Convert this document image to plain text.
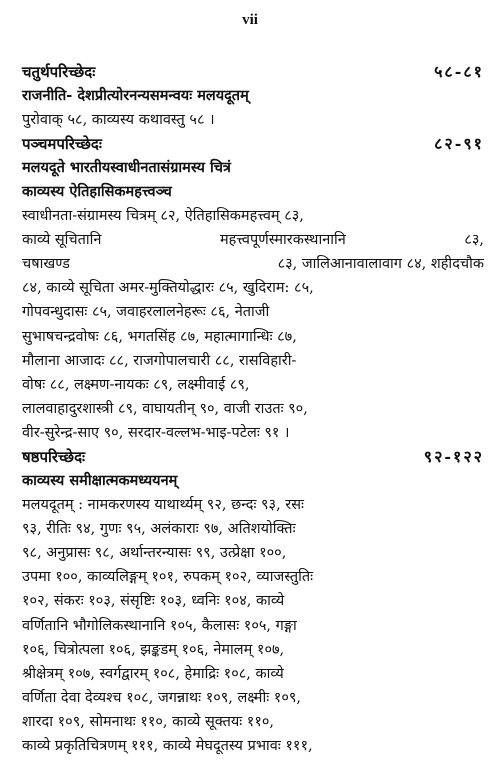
vii
चतुर्थपरिच्छेदः	५८-८१
राजनीति- देशप्रीत्योरनन्यसमन्वयः मलयदूतम्
पुरोवाक् ५८, काव्यस्य कथावस्तु ५८ ।
पञ्चमपरिच्छेदः	८२-९१
मलयदूते भारतीयस्वाधीनतासंग्रामस्य चित्रं
काव्यस्य ऐतिहासिकमहत्त्वञ्च
स्वाधीनता-संग्रामस्य चित्रम् ८२, ऐतिहासिकमहत्त्वम् ८३,
काव्ये सूचितानि	महत्त्वपूर्णस्मारकस्थानानि	८३,
चषाखण्ड	८३, जालिआनावालावाग ८४, शहीदचौक
८४, काव्ये सूचिता अमर-मुक्तियोद्धारः ८५, खुदिराम: ८५,
गोपवन्धुदासः ८५, जवाहरलालनेहरूः ८६, नेताजी
सुभाषचन्द्रवोषः ८६, भगतसिंह ८७, महात्मागान्धिः ८७,
मौलाना आजादः ८८, राजगोपालचारी ८८, रासविहारी-
वोषः ८८, लक्ष्मण-नायकः ८९, लक्ष्मीवाई ८९,
लालवाहादुरशास्त्री ८९, वाघायतीन् ९०, वाजी राउतः ९०,
वीर-सुरेन्द्र-साए ९०, सरदार-वल्लभ-भाइ-पटेलः ९१ ।
षष्ठपरिच्छेदः	९२-१२२
काव्यस्य समीक्षात्मकमध्ययनम्
मलयदूतम् : नामकरणस्य याथार्थ्यम् ९२, छन्दः ९३, रसः
९३, रीतिः ९४, गुणः ९५, अलंकाराः ९७, अतिशयोक्तिः
९८, अनुप्रासः ९८, अर्थान्तरन्यासः ९९, उत्प्रेक्षा १००,
उपमा १००, काव्यलिङ्गम् १०१, रुपकम् १०२, व्याजस्तुतिः
१०२, संकरः १०३, संसृष्टिः १०३, ध्वनिः १०४, काव्ये
वर्णितानि भौगोलिकस्थानानि १०५, कैलासः १०५, गङ्गा
१०६, चित्रोत्पला १०६, झङ्कडम् १०६, नेमालम् १०७,
श्रीक्षेत्रम् १०७, स्वर्गद्वारम् १०८, हेमाद्रिः १०८, काव्ये
वर्णिता देवा देव्यश्च १०८, जगन्नाथः १०९, लक्ष्मीः १०९,
शारदा १०९, सोमनाथः ११०, काव्ये सूक्तयः ११०,
काव्ये प्रकृतिचित्रणम् १११, काव्ये मेघदूतस्य प्रभावः १११,
